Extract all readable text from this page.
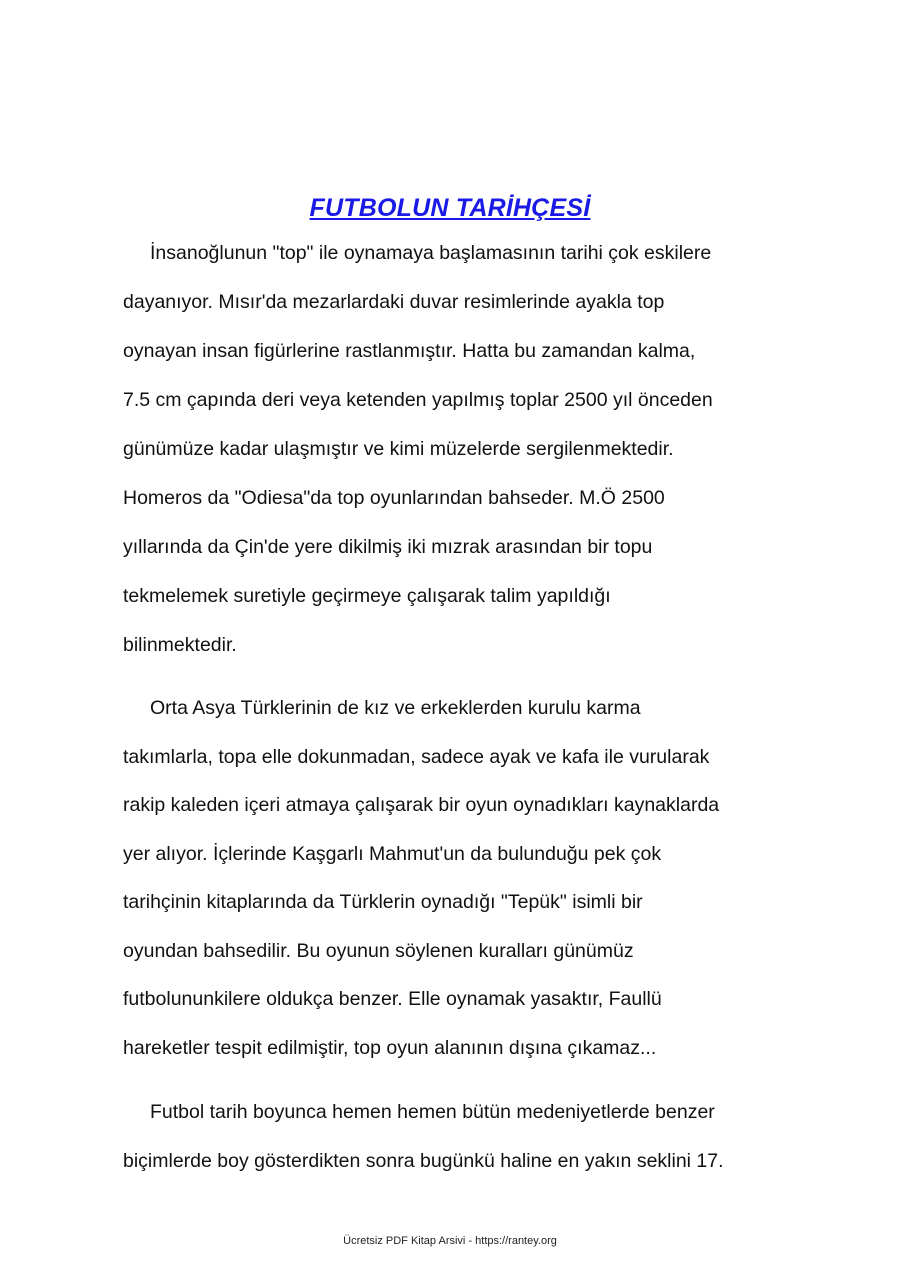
FUTBOLUN TARİHÇESİ
İnsanoğlunun "top" ile oynamaya başlamasının tarihi çok eskilere
dayanıyor. Mısır'da mezarlardaki duvar resimlerinde ayakla top
oynayan insan figürlerine rastlanmıştır. Hatta bu zamandan kalma,
7.5 cm çapında deri veya ketenden yapılmış toplar 2500 yıl önceden
günümüze kadar ulaşmıştır ve kimi müzelerde sergilenmektedir.
Homeros da "Odiesa"da top oyunlarından bahseder. M.Ö 2500
yıllarında da Çin'de yere dikilmiş iki mızrak arasından bir topu
tekmelemek suretiyle geçirmeye çalışarak talim yapıldığı
bilinmektedir.
Orta Asya Türklerinin de kız ve erkeklerden kurulu karma
takımlarla, topa elle dokunmadan, sadece ayak ve kafa ile vurularak
rakip kaleden içeri atmaya çalışarak bir oyun oynadıkları kaynaklarda
yer alıyor. İçlerinde Kaşgarlı Mahmut'un da bulunduğu pek çok
tarihçinin kitaplarında da Türklerin oynadığı "Tepük" isimli bir
oyundan bahsedilir. Bu oyunun söylenen kuralları günümüz
futbolununkilere oldukça benzer. Elle oynamak yasaktır, Faullü
hareketler tespit edilmiştir, top oyun alanının dışına çıkamaz...
Futbol tarih boyunca hemen hemen bütün medeniyetlerde benzer
biçimlerde boy gösterdikten sonra bugünkü haline en yakın seklini 17.
Ücretsiz PDF Kitap Arsivi - https://rantey.org
